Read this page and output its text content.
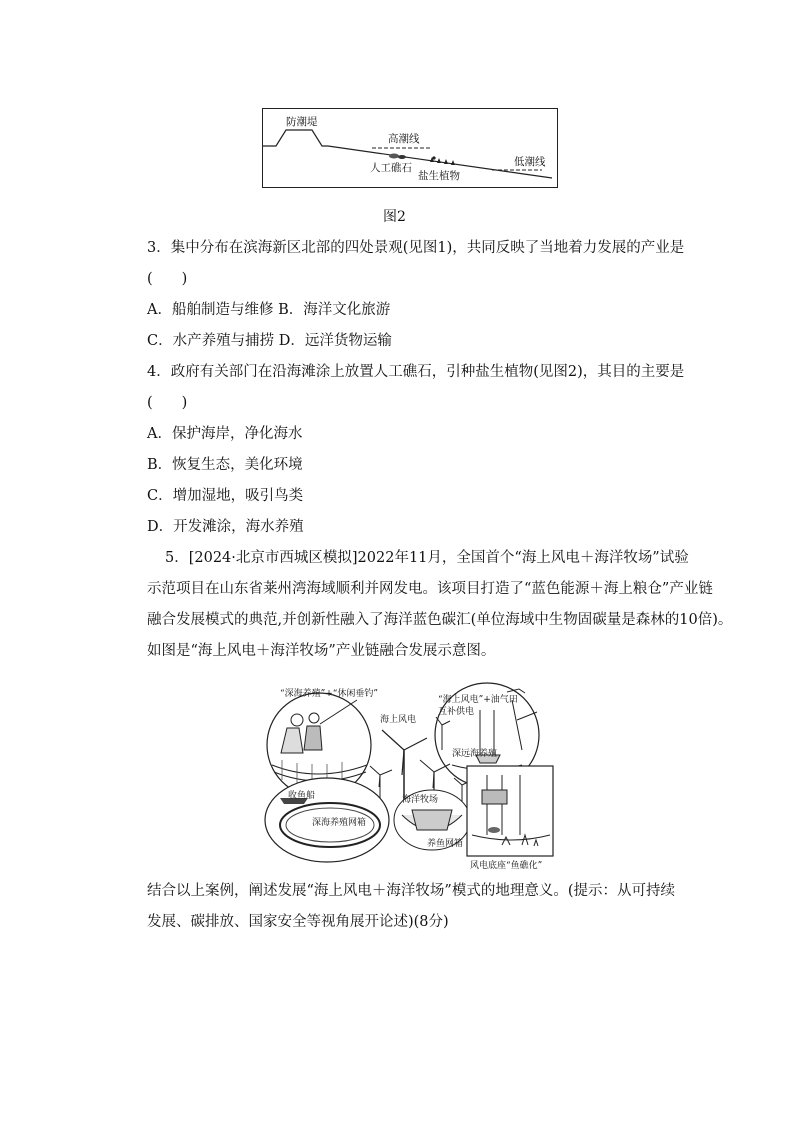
防潮堤
高潮线
低潮线
人工礁石
盐生植物
图2
3．集中分布在滨海新区北部的四处景观(见图1)，共同反映了当地着力发展的产业是
(　　)
A．船舶制造与维修 B．海洋文化旅游
C．水产养殖与捕捞 D．远洋货物运输
4．政府有关部门在沿海滩涂上放置人工礁石，引种盐生植物(见图2)，其目的主要是
(　　)
A．保护海岸，净化海水
B．恢复生态，美化环境
C．增加湿地，吸引鸟类
D．开发滩涂，海水养殖
5．[2024·北京市西城区模拟]2022年11月，全国首个“海上风电＋海洋牧场”试验
示范项目在山东省莱州湾海域顺利并网发电。该项目打造了“蓝色能源＋海上粮仓”产业链
融合发展模式的典范,并创新性融入了海洋蓝色碳汇(单位海域中生物固碳量是森林的10倍)。
如图是“海上风电＋海洋牧场”产业链融合发展示意图。
“深海养殖”+“休闲垂钓”
“海上风电”+油气田
互补供电
海上风电
深远海养殖
海洋牧场
收鱼船
深海养殖网箱
养鱼网箱
风电底座“鱼礁化”
结合以上案例，阐述发展“海上风电＋海洋牧场”模式的地理意义。(提示：从可持续
发展、碳排放、国家安全等视角展开论述)(8分)
